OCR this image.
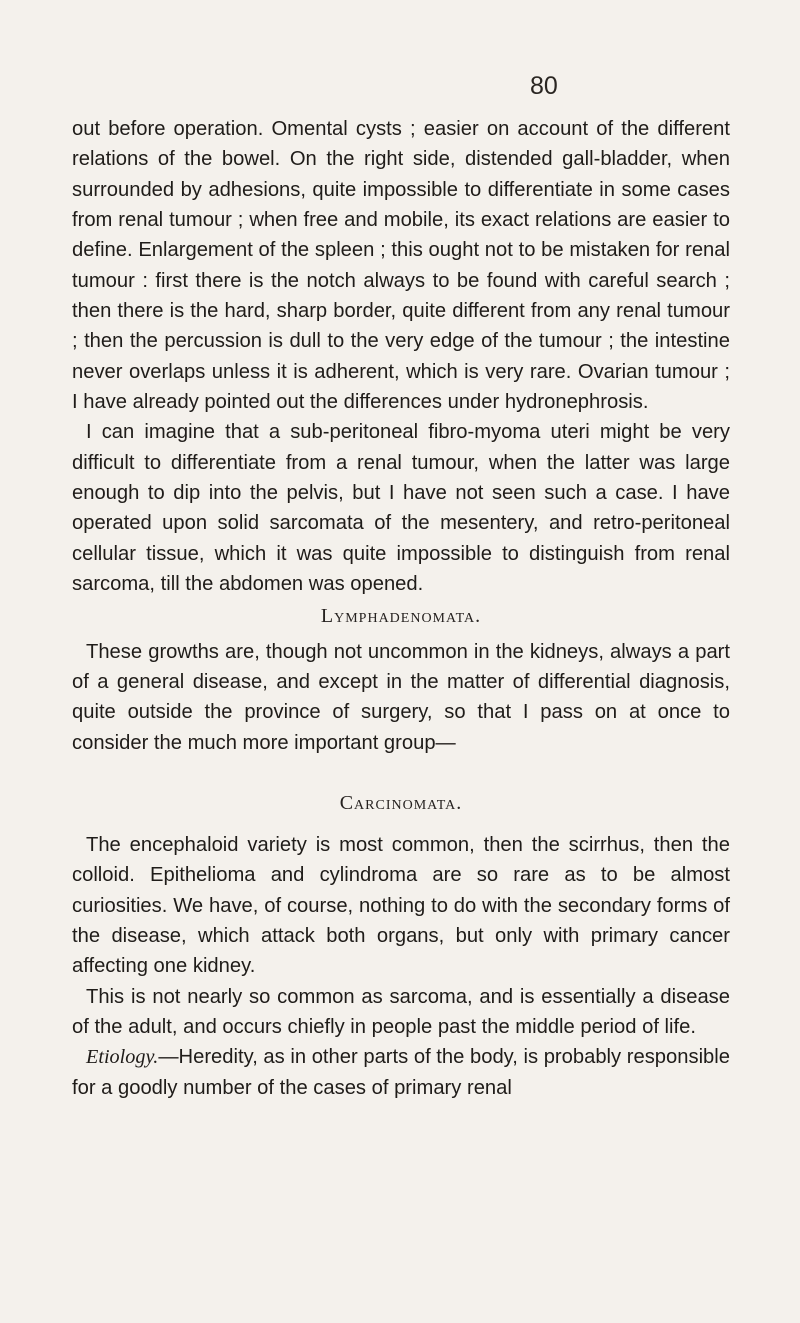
80

out before operation. Omental cysts ; easier on account of the different relations of the bowel. On the right side, distended gall-bladder, when surrounded by adhesions, quite impossible to differentiate in some cases from renal tumour ; when free and mobile, its exact relations are easier to define. Enlargement of the spleen ; this ought not to be mistaken for renal tumour : first there is the notch always to be found with careful search ; then there is the hard, sharp border, quite different from any renal tumour ; then the percussion is dull to the very edge of the tumour ; the intestine never overlaps unless it is adherent, which is very rare. Ovarian tumour ; I have already pointed out the differences under hydronephrosis.

I can imagine that a sub-peritoneal fibro-myoma uteri might be very difficult to differentiate from a renal tumour, when the latter was large enough to dip into the pelvis, but I have not seen such a case. I have operated upon solid sarcomata of the mesentery, and retro-peritoneal cellular tissue, which it was quite impossible to distinguish from renal sarcoma, till the abdomen was opened.

Lymphadenomata.

These growths are, though not uncommon in the kidneys, always a part of a general disease, and except in the matter of differential diagnosis, quite outside the province of surgery, so that I pass on at once to consider the much more important group—

Carcinomata.

The encephaloid variety is most common, then the scirrhus, then the colloid. Epithelioma and cylindroma are so rare as to be almost curiosities. We have, of course, nothing to do with the secondary forms of the disease, which attack both organs, but only with primary cancer affecting one kidney.

This is not nearly so common as sarcoma, and is essentially a disease of the adult, and occurs chiefly in people past the middle period of life.

Etiology.—Heredity, as in other parts of the body, is probably responsible for a goodly number of the cases of primary renal
